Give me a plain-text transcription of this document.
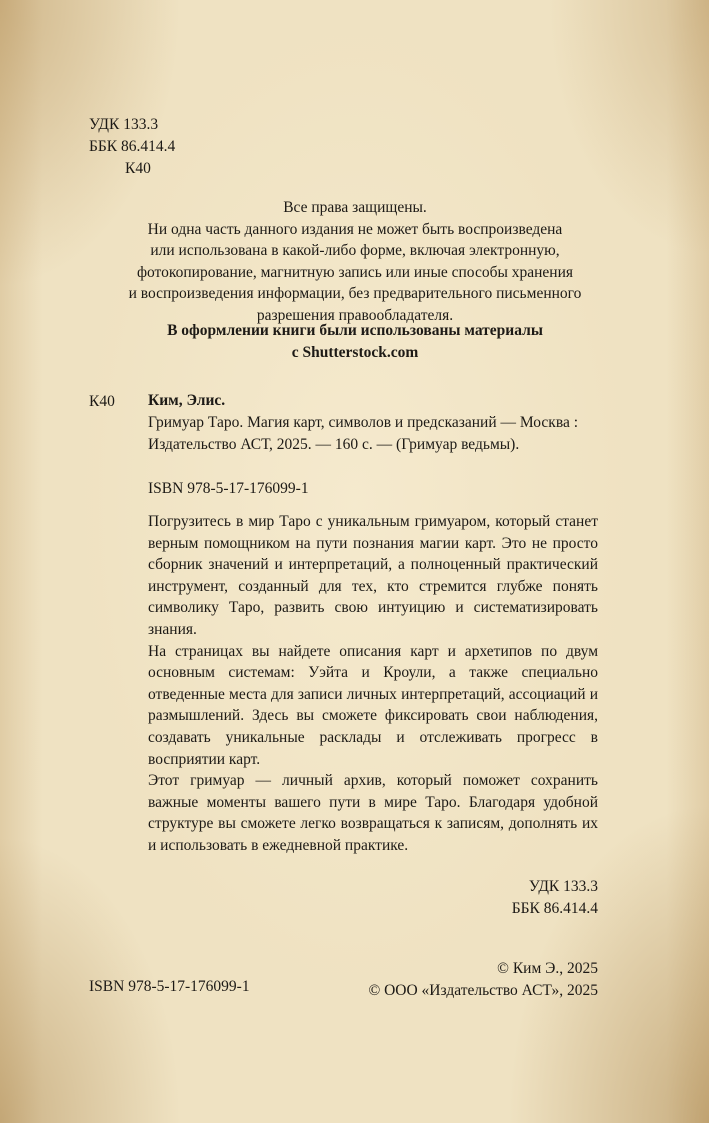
УДК 133.3
ББК 86.414.4
К40

Все права защищены.

Ни одна часть данного издания не может быть воспроизведена

или использована в какой-либо форме, включая электронную,

фотокопирование, магнитную запись или иные способы хранения

и воспроизведения информации, без предварительного письменного

разрешения правообладателя.

В оформлении книги были использованы материалы
с Shutterstock.com
К40 Ким, Элис.
Гримуар Таро. Магия карт, символов и предсказаний — Москва : Издательство АСТ, 2025. — 160 с. — (Гримуар ведьмы).
ISBN 978-5-17-176099-1

Погрузитесь в мир Таро с уникальным гримуаром, который станет верным помощником на пути познания магии карт. Это не просто сборник значений и интерпретаций, а полноценный практический инструмент, созданный для тех, кто стремится глубже понять символику Таро, развить свою интуицию и систематизировать знания.

На страницах вы найдете описания карт и архетипов по двум основным системам: Уэйта и Кроули, а также специально отведенные места для записи личных интерпретаций, ассоциаций и размышлений. Здесь вы сможете фиксировать свои наблюдения, создавать уникальные расклады и отслеживать прогресс в восприятии карт.

Этот гримуар — личный архив, который поможет сохранить важные моменты вашего пути в мире Таро. Благодаря удобной структуре вы сможете легко возвращаться к записям, дополнять их и использовать в ежедневной практике.

УДК 133.3
ББК 86.414.4
© Ким Э., 2025
© ООО «Издательство АСТ», 2025
ISBN 978-5-17-176099-1
